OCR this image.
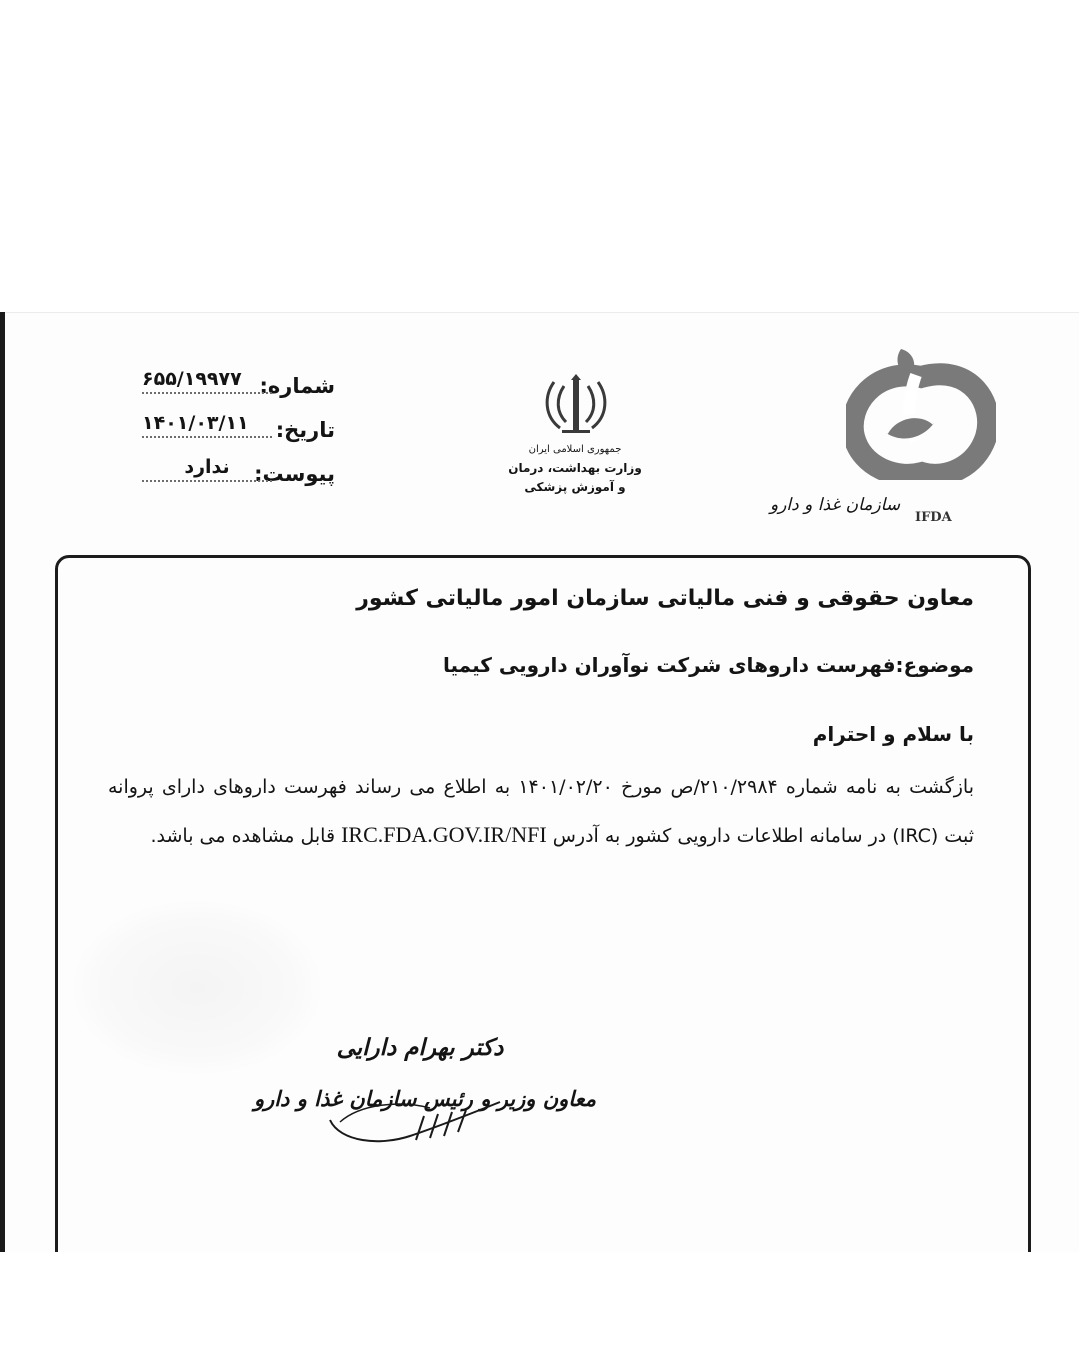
شماره:
۶۵۵/۱۹۹۷۷
تاریخ:
۱۴۰۱/۰۳/۱۱
پیوست:
ندارد
جمهوری اسلامی ایران
وزارت بهداشت، درمان
و آموزش پزشکی
سازمان غذا و دارو
IFDA
معاون حقوقی و فنی مالیاتی سازمان امور مالیاتی کشور
موضوع:فهرست داروهای شرکت نوآوران دارویی کیمیا
با سلام و احترام
بازگشت به نامه شماره ۲۱۰/۲۹۸۴/ص مورخ ۱۴۰۱/۰۲/۲۰ به اطلاع می رساند فهرست داروهای دارای پروانه ثبت (IRC) در سامانه اطلاعات دارویی کشور به آدرس IRC.FDA.GOV.IR/NFI قابل مشاهده می باشد.
دکتر بهرام دارایی
معاون وزیر و رئیس سازمان غذا و دارو
